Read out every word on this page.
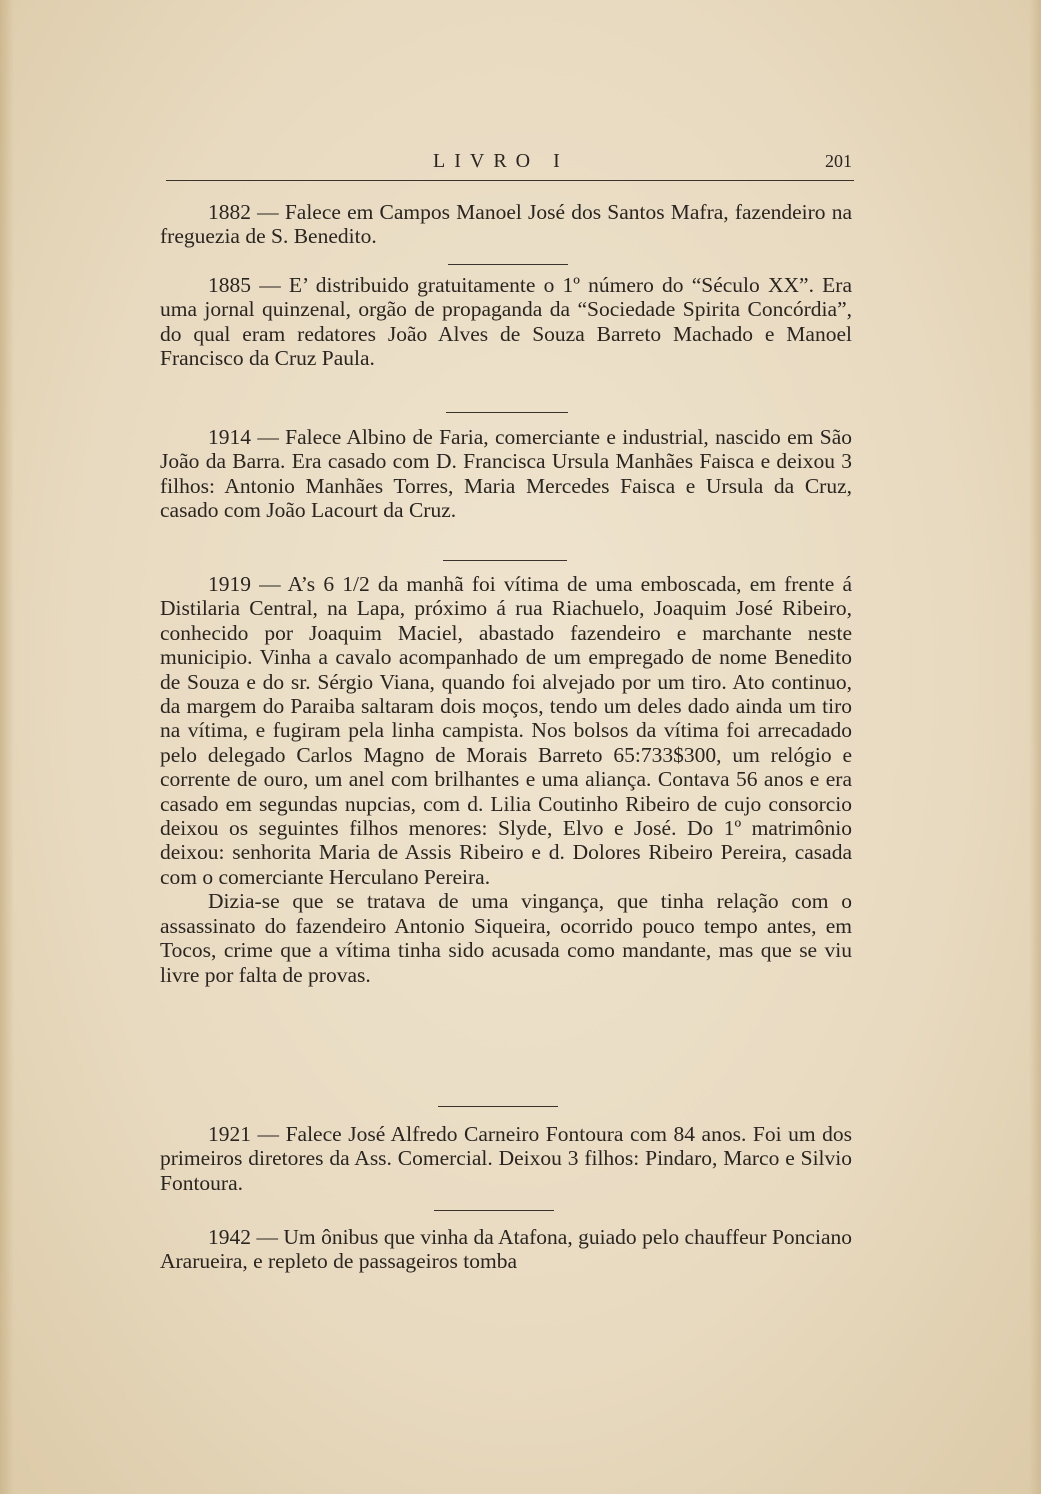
LIVRO I	201

1882 — Falece em Campos Manoel José dos Santos Mafra, fazendeiro na freguezia de S. Benedito.

1885 — E’ distribuido gratuitamente o 1º número do “Século XX”. Era uma jornal quinzenal, orgão de propaganda da “Sociedade Spirita Concórdia”, do qual eram redatores João Alves de Souza Barreto Machado e Manoel Francisco da Cruz Paula.

1914 — Falece Albino de Faria, comerciante e industrial, nascido em São João da Barra. Era casado com D. Francisca Ursula Manhães Faisca e deixou 3 filhos: Antonio Manhães Torres, Maria Mercedes Faisca e Ursula da Cruz, casado com João Lacourt da Cruz.

1919 — A’s 6 1/2 da manhã foi vítima de uma emboscada, em frente á Distilaria Central, na Lapa, próximo á rua Riachuelo, Joaquim José Ribeiro, conhecido por Joaquim Maciel, abastado fazendeiro e marchante neste municipio. Vinha a cavalo acompanhado de um empregado de nome Benedito de Souza e do sr. Sérgio Viana, quando foi alvejado por um tiro. Ato continuo, da margem do Paraiba saltaram dois moços, tendo um deles dado ainda um tiro na vítima, e fugiram pela linha campista. Nos bolsos da vítima foi arrecadado pelo delegado Carlos Magno de Morais Barreto 65:733$300, um relógio e corrente de ouro, um anel com brilhantes e uma aliança. Contava 56 anos e era casado em segundas nupcias, com d. Lilia Coutinho Ribeiro de cujo consorcio deixou os seguintes filhos menores: Slyde, Elvo e José. Do 1º matrimônio deixou: senhorita Maria de Assis Ribeiro e d. Dolores Ribeiro Pereira, casada com o comerciante Herculano Pereira.

Dizia-se que se tratava de uma vingança, que tinha relação com o assassinato do fazendeiro Antonio Siqueira, ocorrido pouco tempo antes, em Tocos, crime que a vítima tinha sido acusada como mandante, mas que se viu livre por falta de provas.

1921 — Falece José Alfredo Carneiro Fontoura com 84 anos. Foi um dos primeiros diretores da Ass. Comercial. Deixou 3 filhos: Pindaro, Marco e Silvio Fontoura.

1942 — Um ônibus que vinha da Atafona, guiado pelo chauffeur Ponciano Ararueira, e repleto de passageiros tomba
